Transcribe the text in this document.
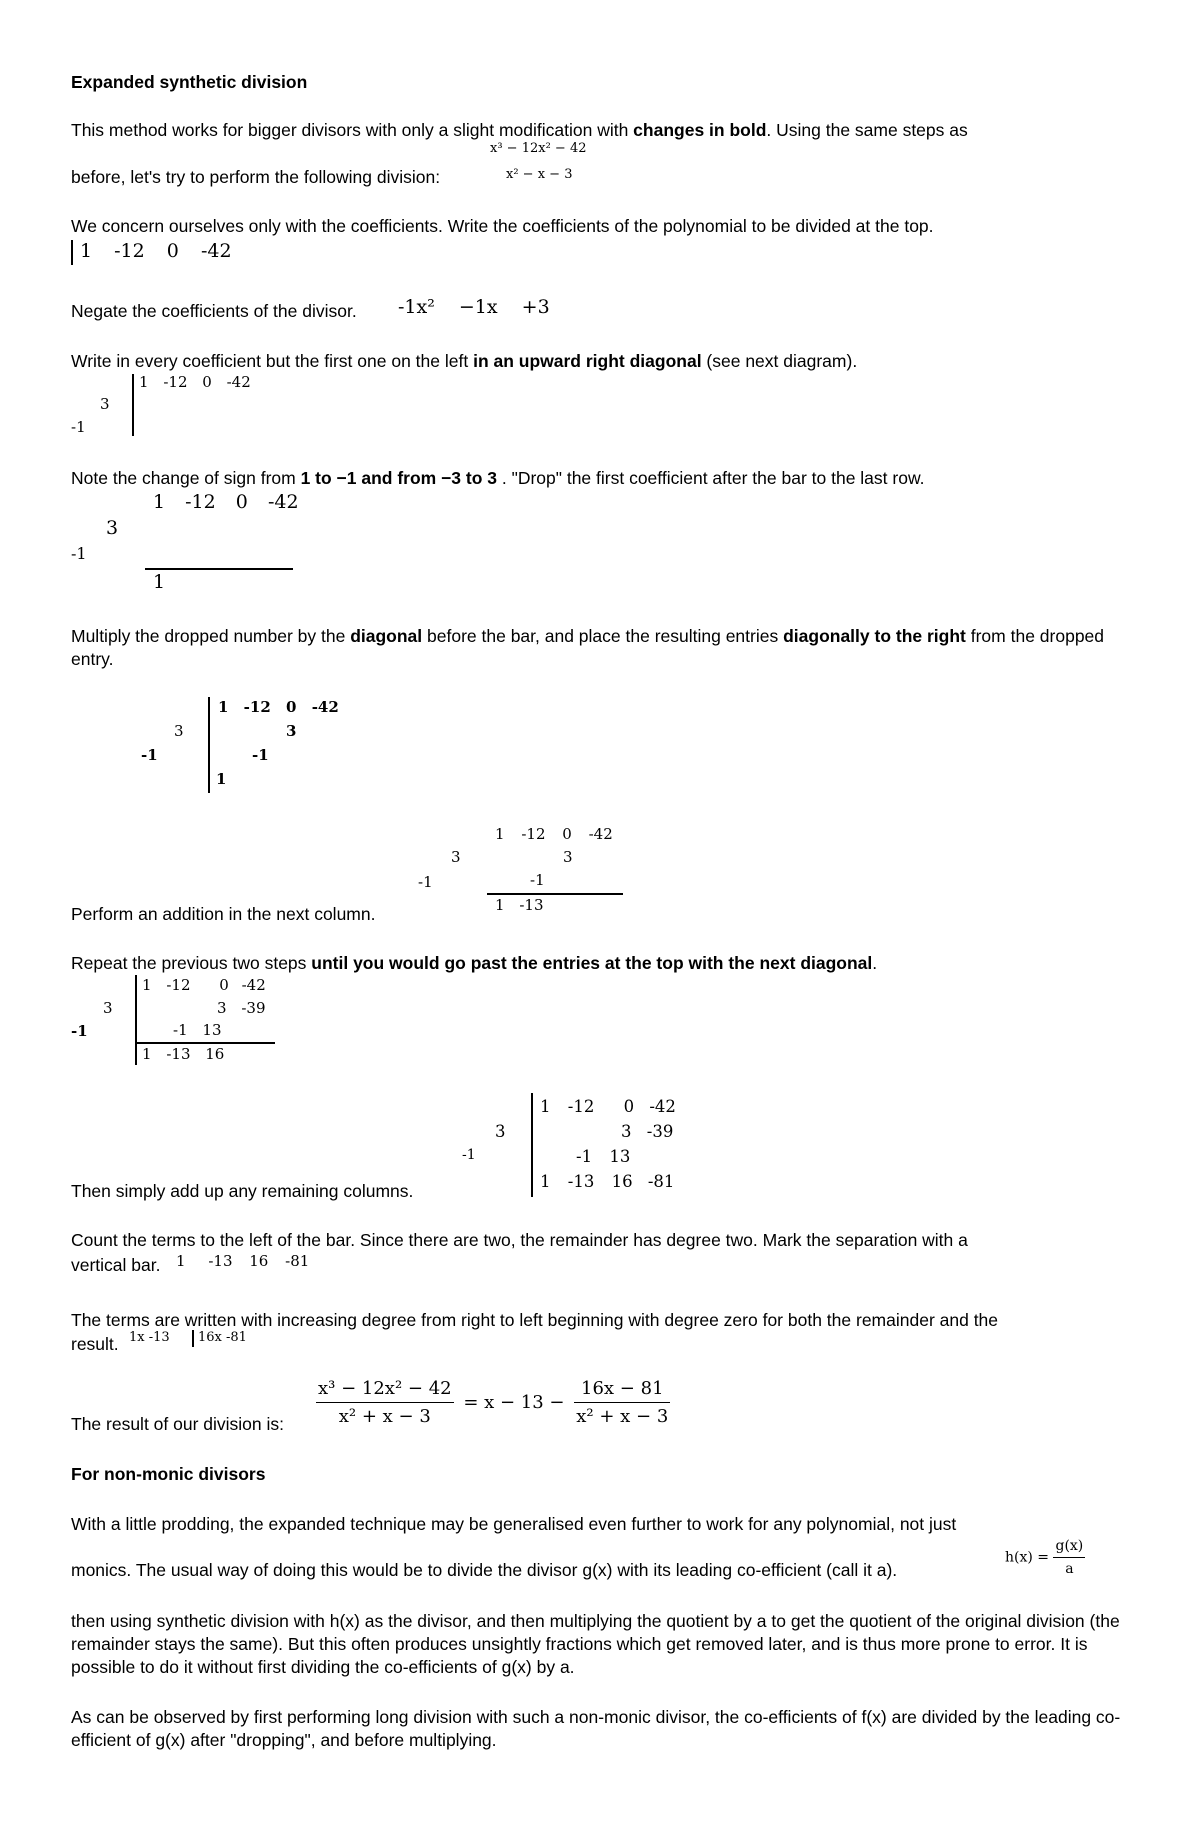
Expanded synthetic division
This method works for bigger divisors with only a slight modification with changes in bold. Using the same steps as
before, let's try to perform the following division:
x³ − 12x² − 42
x² − x − 3
We concern ourselves only with the coefficients. Write the coefficients of the polynomial to be divided at the top.
1 -12 0 -42
Negate the coefficients of the divisor. -1x² −1x +3
Write in every coefficient but the first one on the left in an upward right diagonal (see next diagram).
1 -12 0 -42
3
-1
Note the change of sign from 1 to −1 and from −3 to 3 . "Drop" the first coefficient after the bar to the last row.
1 -12 0 -42
3
-1
1
Multiply the dropped number by the diagonal before the bar, and place the resulting entries diagonally to the right from the dropped entry.
1 -12 0 -42
3
-1
3
-1
1
1 -12 0 -42
3
-1
3
-1
1 -13
Perform an addition in the next column.
Repeat the previous two steps until you would go past the entries at the top with the next diagonal.
1 -12 0 -42
3
-1
3 -39
-1 13
1 -13 16
1 -12 0 -42
3
-1
3 -39
-1 13
1 -13 16 -81
Then simply add up any remaining columns.
Count the terms to the left of the bar. Since there are two, the remainder has degree two. Mark the separation with a
vertical bar. 1 -13 16 -81
The terms are written with increasing degree from right to left beginning with degree zero for both the remainder and the
result. 1x -13 16x -81
The result of our division is: $\frac{\text{x³ − 12x² − 42}}{\text{x² + x − 3}} = x - 13 - \frac{16x - 81}{\text{x² + x − 3}}$
For non-monic divisors
With a little prodding, the expanded technique may be generalised even further to work for any polynomial, not just
monics. The usual way of doing this would be to divide the divisor g(x) with its leading co-efficient (call it a).
$h(x) = \frac{g(x)}{a}$
then using synthetic division with h(x) as the divisor, and then multiplying the quotient by a to get the quotient of the original division (the remainder stays the same). But this often produces unsightly fractions which get removed later, and is thus more prone to error. It is possible to do it without first dividing the co-efficients of g(x) by a.
As can be observed by first performing long division with such a non-monic divisor, the co-efficients of f(x) are divided by the leading co-efficient of g(x) after "dropping", and before multiplying.
